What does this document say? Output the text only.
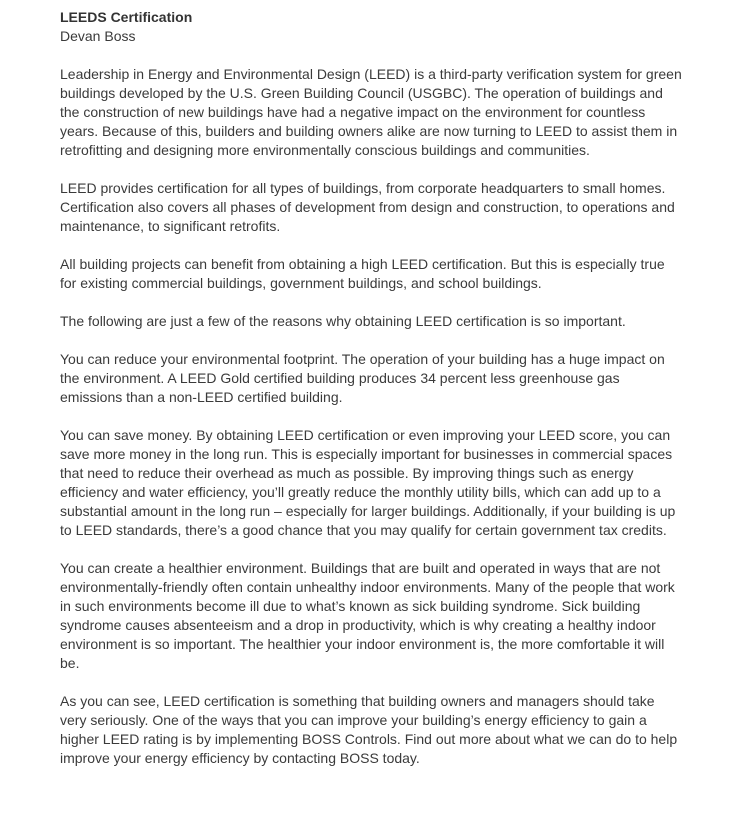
LEEDS Certification
Devan Boss
Leadership in Energy and Environmental Design (LEED) is a third-party verification system for green
buildings developed by the U.S. Green Building Council (USGBC). The operation of buildings and
the construction of new buildings have had a negative impact on the environment for countless
years. Because of this, builders and building owners alike are now turning to LEED to assist them in
retrofitting and designing more environmentally conscious buildings and communities.
LEED provides certification for all types of buildings, from corporate headquarters to small homes.
Certification also covers all phases of development from design and construction, to operations and
maintenance, to significant retrofits.
All building projects can benefit from obtaining a high LEED certification. But this is especially true
for existing commercial buildings, government buildings, and school buildings.
The following are just a few of the reasons why obtaining LEED certification is so important.
You can reduce your environmental footprint. The operation of your building has a huge impact on
the environment. A LEED Gold certified building produces 34 percent less greenhouse gas
emissions than a non-LEED certified building.
You can save money. By obtaining LEED certification or even improving your LEED score, you can
save more money in the long run. This is especially important for businesses in commercial spaces
that need to reduce their overhead as much as possible. By improving things such as energy
efficiency and water efficiency, you’ll greatly reduce the monthly utility bills, which can add up to a
substantial amount in the long run – especially for larger buildings. Additionally, if your building is up
to LEED standards, there’s a good chance that you may qualify for certain government tax credits.
You can create a healthier environment. Buildings that are built and operated in ways that are not
environmentally-friendly often contain unhealthy indoor environments. Many of the people that work
in such environments become ill due to what’s known as sick building syndrome. Sick building
syndrome causes absenteeism and a drop in productivity, which is why creating a healthy indoor
environment is so important. The healthier your indoor environment is, the more comfortable it will
be.
As you can see, LEED certification is something that building owners and managers should take
very seriously. One of the ways that you can improve your building’s energy efficiency to gain a
higher LEED rating is by implementing BOSS Controls. Find out more about what we can do to help
improve your energy efficiency by contacting BOSS today.
